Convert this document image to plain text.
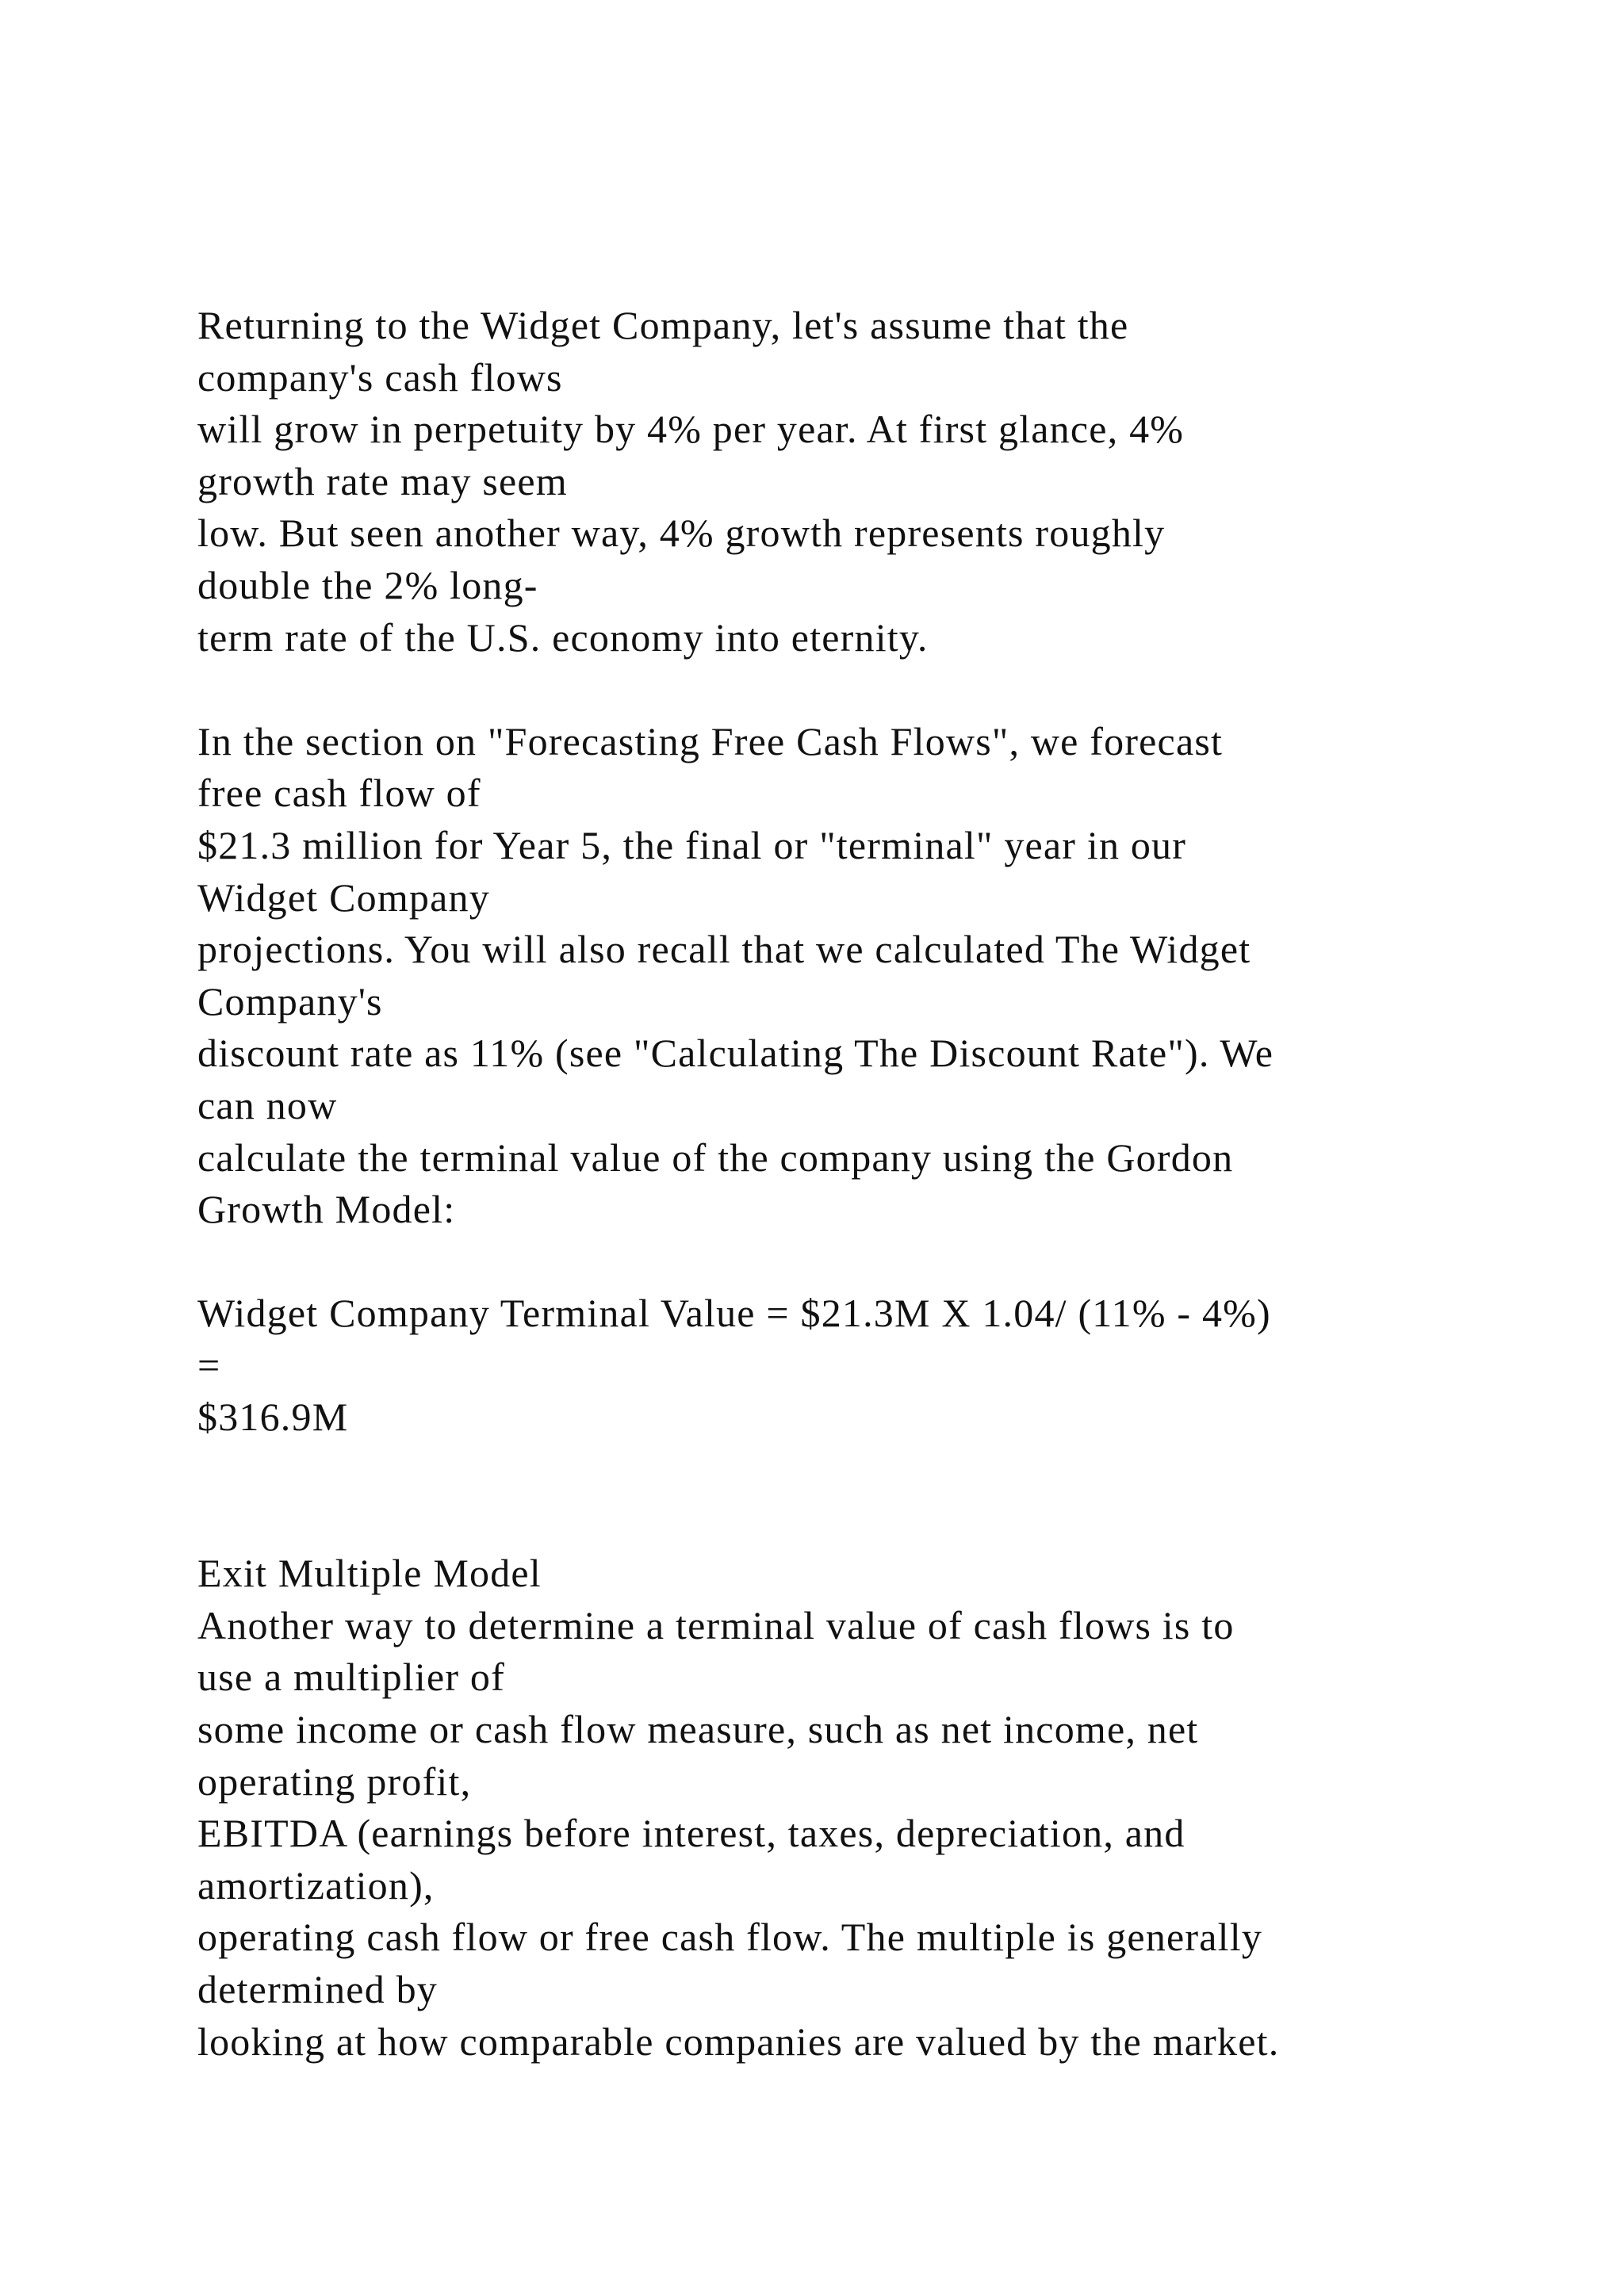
Returning to the Widget Company, let's assume that the
company's cash flows
will grow in perpetuity by 4% per year. At first glance, 4%
growth rate may seem
low. But seen another way, 4% growth represents roughly
double the 2% long-
term rate of the U.S. economy into eternity.
In the section on "Forecasting Free Cash Flows", we forecast
free cash flow of
$21.3 million for Year 5, the final or "terminal" year in our
Widget Company
projections. You will also recall that we calculated The Widget
Company's
discount rate as 11% (see "Calculating The Discount Rate"). We
can now
calculate the terminal value of the company using the Gordon
Growth Model:
Widget Company Terminal Value = $21.3M X 1.04/ (11% - 4%)
=
$316.9M
Exit Multiple Model
Another way to determine a terminal value of cash flows is to
use a multiplier of
some income or cash flow measure, such as net income, net
operating profit,
EBITDA (earnings before interest, taxes, depreciation, and
amortization),
operating cash flow or free cash flow. The multiple is generally
determined by
looking at how comparable companies are valued by the market.
